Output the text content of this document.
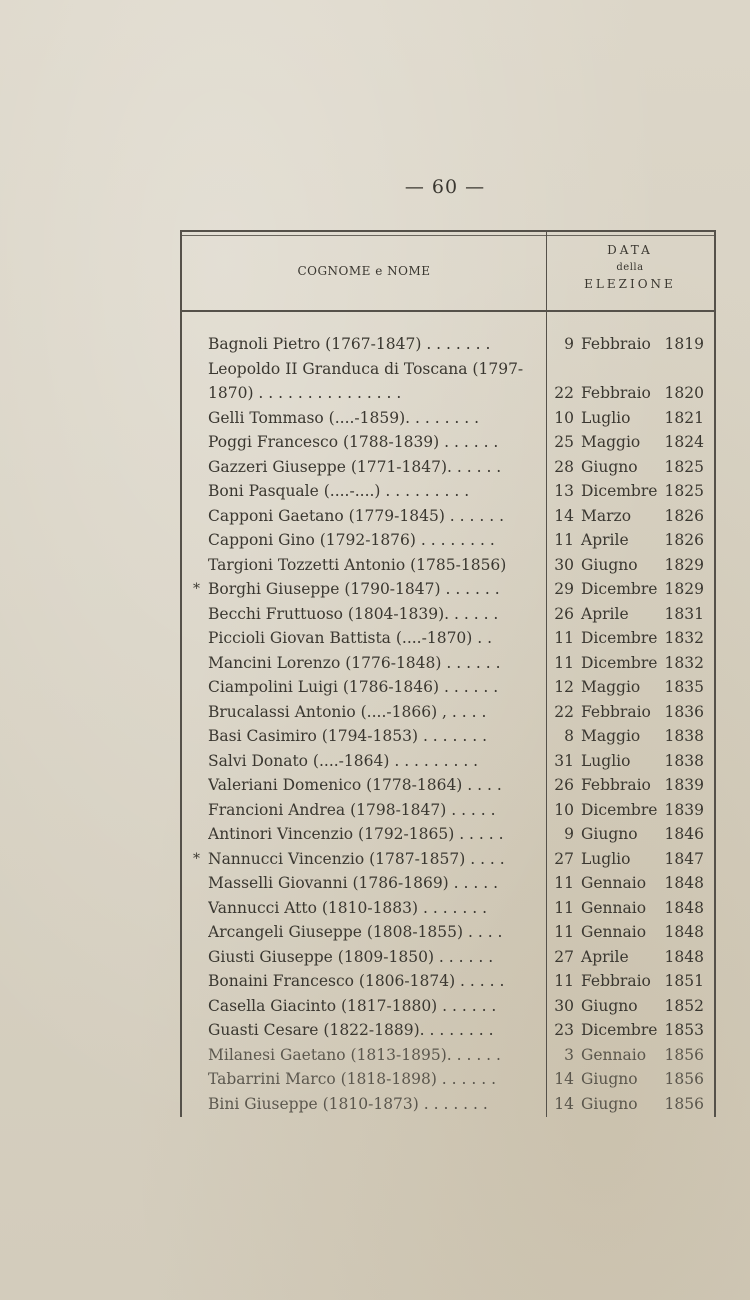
— 60 —
COGNOME e NOME
DATA
della
ELEZIONE
Bagnoli Pietro (1767-1847) . . . . . . .	9 Febbraio 1819
Leopoldo II Granduca di Toscana (1797-
1870) . . . . . . . . . . . . . . .	22 Febbraio 1820
Gelli Tommaso (....-1859). . . . . . . .	10 Luglio 1821
Poggi Francesco (1788-1839) . . . . . .	25 Maggio 1824
Gazzeri Giuseppe (1771-1847). . . . . .	28 Giugno 1825
Boni Pasquale (....-....) . . . . . . . . .	13 Dicembre 1825
Capponi Gaetano (1779-1845) . . . . . .	14 Marzo 1826
Capponi Gino (1792-1876) . . . . . . . .	11 Aprile 1826
Targioni Tozzetti Antonio (1785-1856)	30 Giugno 1829
* Borghi Giuseppe (1790-1847) . . . . . .	29 Dicembre 1829
Becchi Fruttuoso (1804-1839). . . . . .	26 Aprile 1831
Piccioli Giovan Battista (....-1870) . .	11 Dicembre 1832
Mancini Lorenzo (1776-1848) . . . . . .	11 Dicembre 1832
Ciampolini Luigi (1786-1846) . . . . . .	12 Maggio 1835
Brucalassi Antonio (....-1866) , . . . .	22 Febbraio 1836
Basi Casimiro (1794-1853) . . . . . . .	8 Maggio 1838
Salvi Donato (....-1864) . . . . . . . . .	31 Luglio 1838
Valeriani Domenico (1778-1864) . . . .	26 Febbraio 1839
Francioni Andrea (1798-1847) . . . . .	10 Dicembre 1839
Antinori Vincenzio (1792-1865) . . . . .	9 Giugno 1846
* Nannucci Vincenzio (1787-1857) . . . .	27 Luglio 1847
Masselli Giovanni (1786-1869) . . . . .	11 Gennaio 1848
Vannucci Atto (1810-1883) . . . . . . .	11 Gennaio 1848
Arcangeli Giuseppe (1808-1855) . . . .	11 Gennaio 1848
Giusti Giuseppe (1809-1850) . . . . . .	27 Aprile 1848
Bonaini Francesco (1806-1874) . . . . .	11 Febbraio 1851
Casella Giacinto (1817-1880) . . . . . .	30 Giugno 1852
Guasti Cesare (1822-1889). . . . . . . .	23 Dicembre 1853
Milanesi Gaetano (1813-1895). . . . . .	3 Gennaio 1856
Tabarrini Marco (1818-1898) . . . . . .	14 Giugno 1856
Bini Giuseppe (1810-1873) . . . . . . .	14 Giugno 1856
